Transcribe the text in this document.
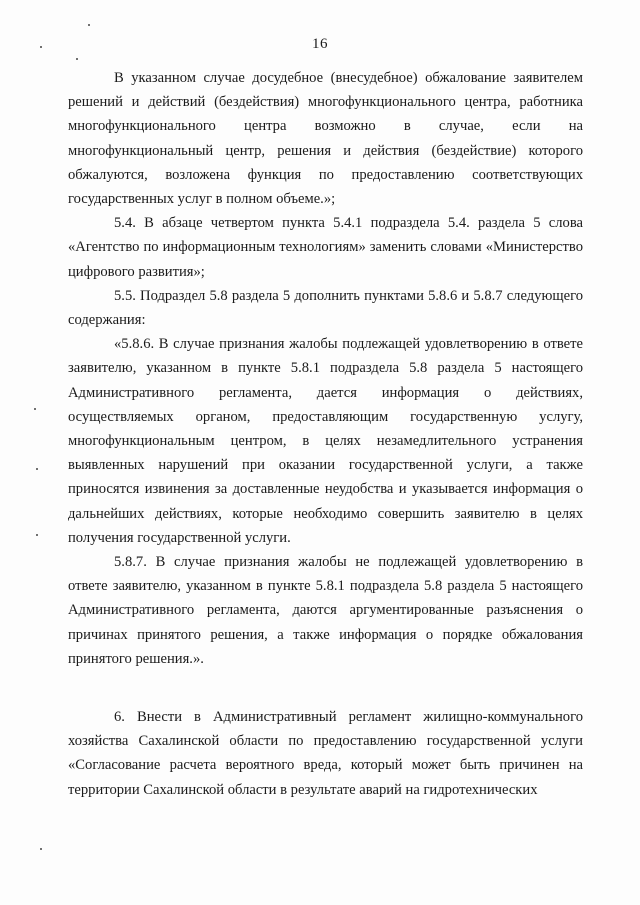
16

В указанном случае досудебное (внесудебное) обжалование заявителем решений и действий (бездействия) многофункционального центра, работника многофункционального центра возможно в случае, если на многофункциональный центр, решения и действия (бездействие) которого обжалуются, возложена функция по предоставлению соответствующих государственных услуг в полном объеме.»;

5.4. В абзаце четвертом пункта 5.4.1 подраздела 5.4. раздела 5 слова «Агентство по информационным технологиям» заменить словами «Министерство цифрового развития»;

5.5. Подраздел 5.8 раздела 5 дополнить пунктами 5.8.6 и 5.8.7 следующего содержания:

«5.8.6. В случае признания жалобы подлежащей удовлетворению в ответе заявителю, указанном в пункте 5.8.1 подраздела 5.8 раздела 5 настоящего Административного регламента, дается информация о действиях, осуществляемых органом, предоставляющим государственную услугу, многофункциональным центром, в целях незамедлительного устранения выявленных нарушений при оказании государственной услуги, а также приносятся извинения за доставленные неудобства и указывается информация о дальнейших действиях, которые необходимо совершить заявителю в целях получения государственной услуги.

5.8.7. В случае признания жалобы не подлежащей удовлетворению в ответе заявителю, указанном в пункте 5.8.1 подраздела 5.8 раздела 5 настоящего Административного регламента, даются аргументированные разъяснения о причинах принятого решения, а также информация о порядке обжалования принятого решения.».

6. Внести в Административный регламент жилищно-коммунального хозяйства Сахалинской области по предоставлению государственной услуги «Согласование расчета вероятного вреда, который может быть причинен на территории Сахалинской области в результате аварий на гидротехнических
